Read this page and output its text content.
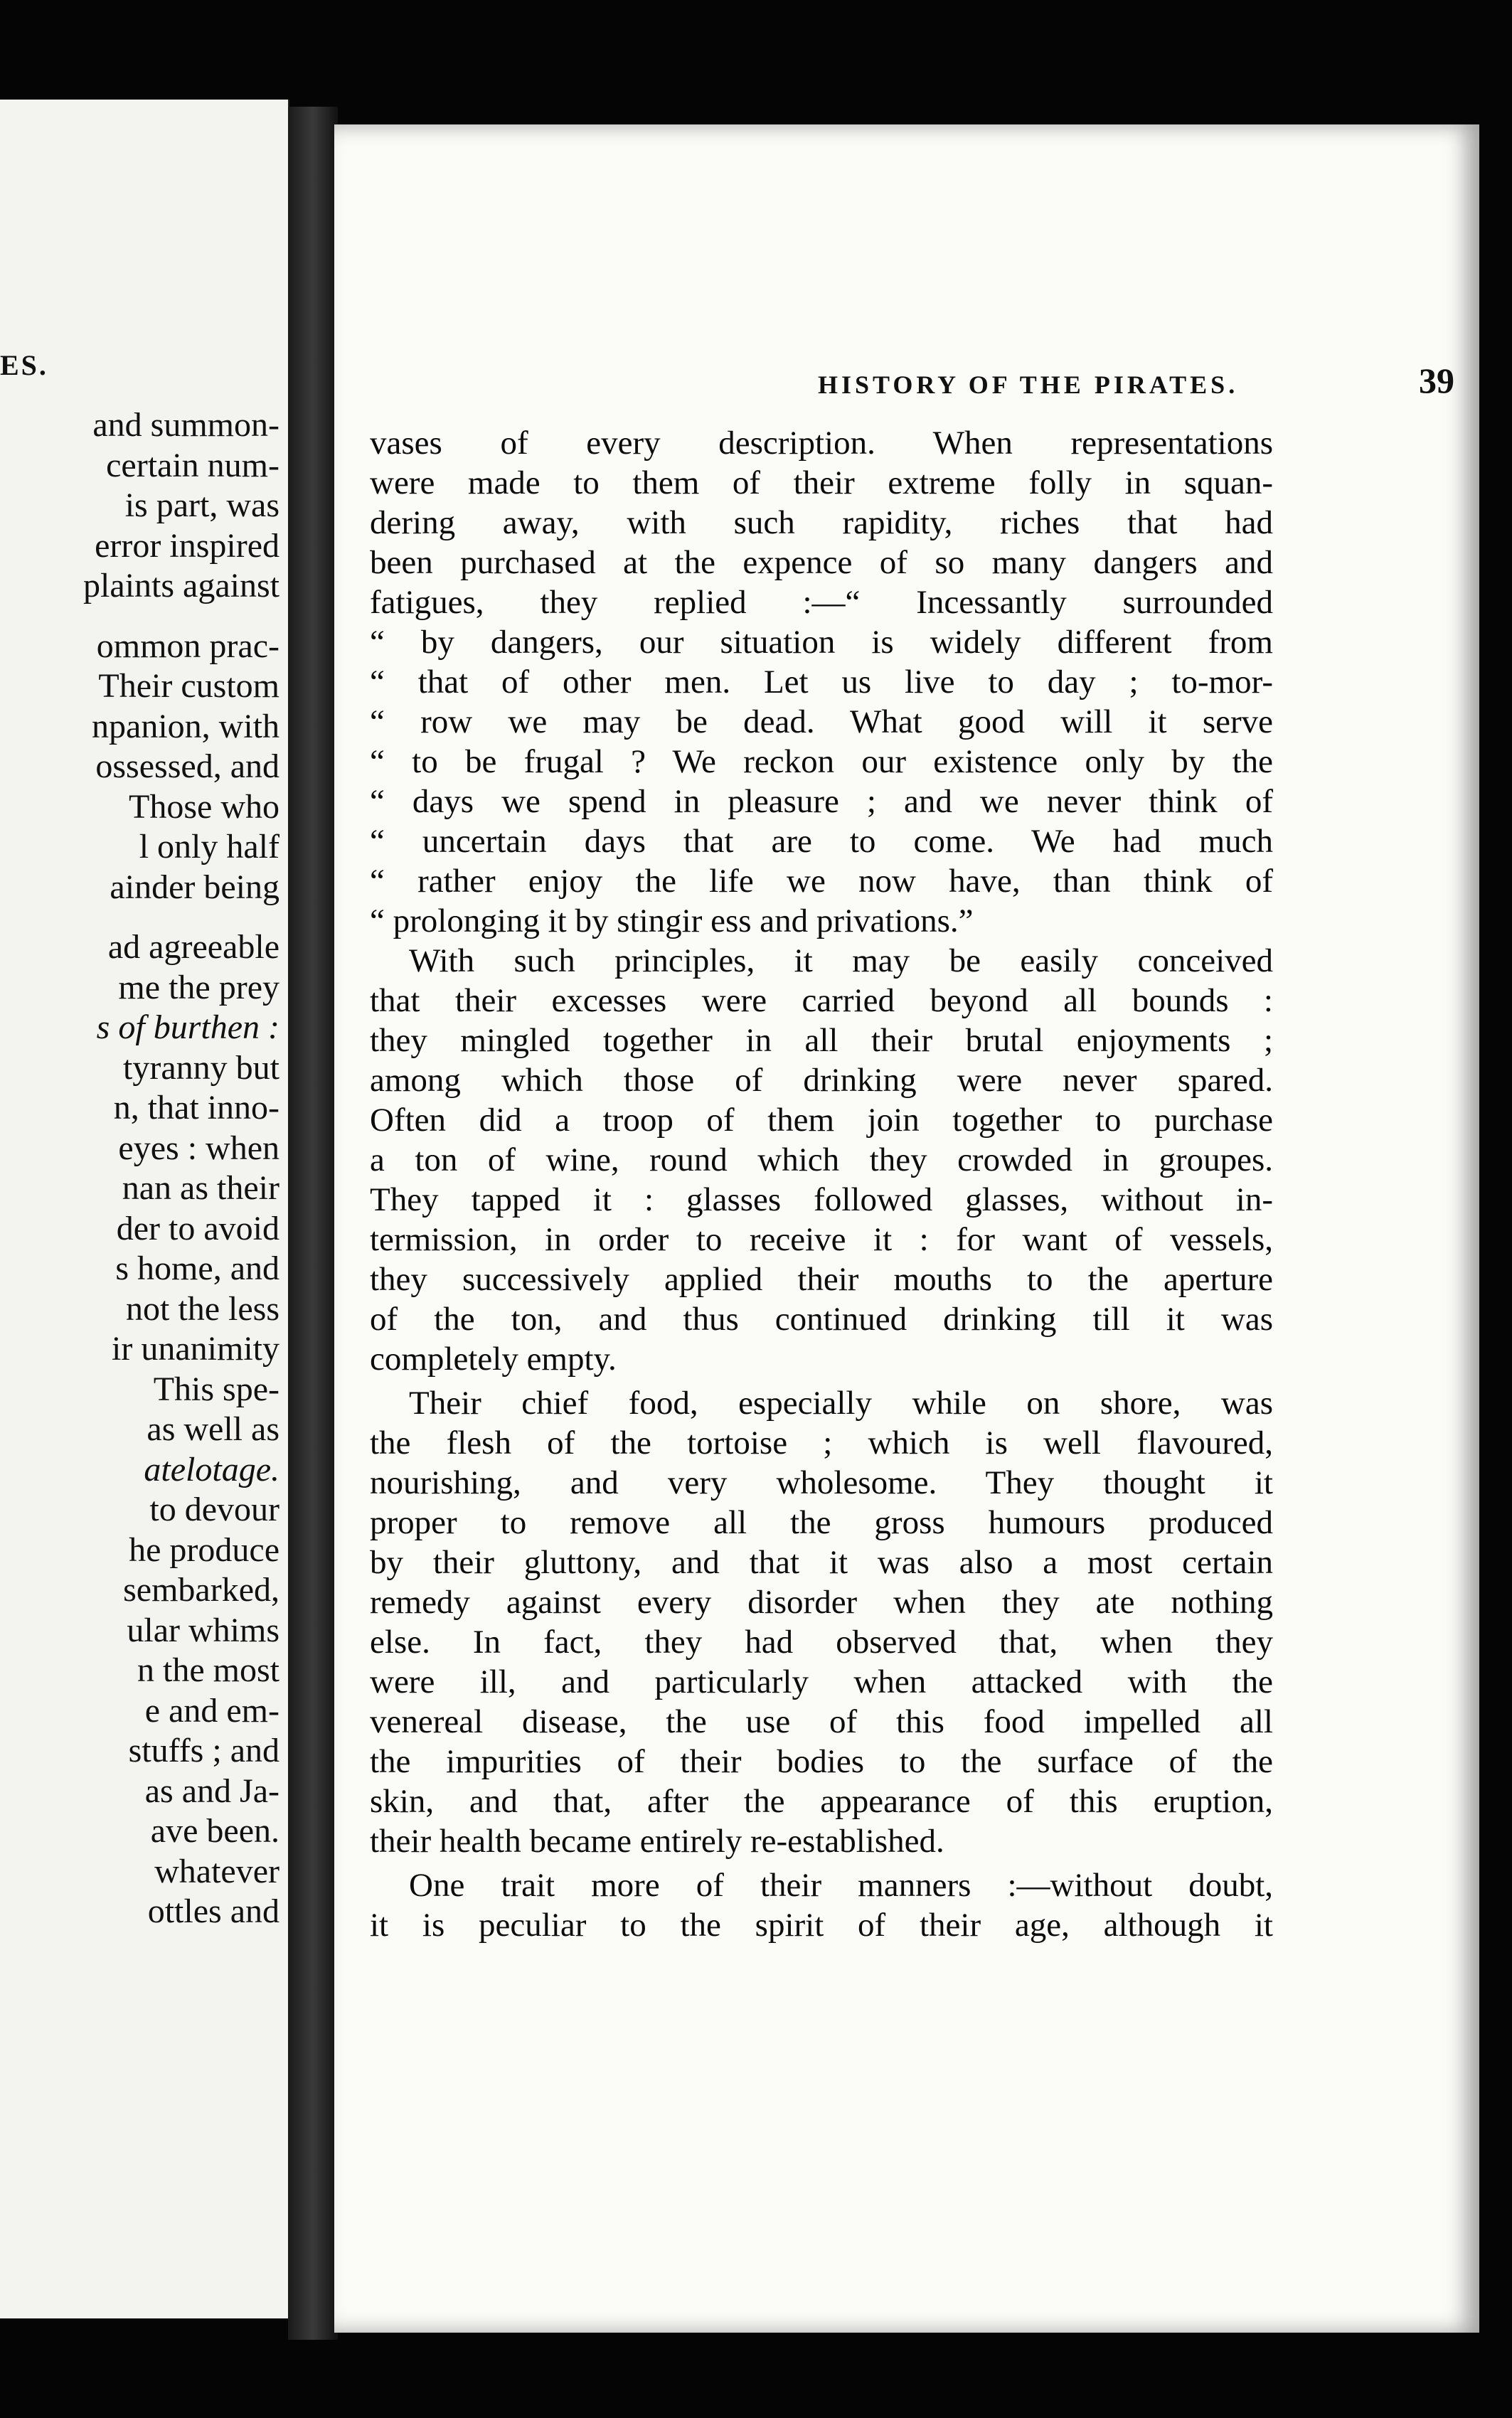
ES.
and summon-
certain num-
is part, was
error inspired
plaints against
ommon prac-
Their custom
npanion, with
ossessed, and
Those who
l only half
ainder being
ad agreeable
me the prey
s of burthen :
tyranny but
n, that inno-
eyes : when
nan as their
der to avoid
s home, and
not the less
ir unanimity
This spe-
as well as
atelotage.
to devour
he produce
sembarked,
ular whims
n the most
e and em-
stuffs ; and
as and Ja-
ave been.
whatever
ottles and
HISTORY OF THE PIRATES.	39
vases of every description. When representations
were made to them of their extreme folly in squan-
dering away, with such rapidity, riches that had
been purchased at the expence of so many dangers and
fatigues, they replied :—“ Incessantly surrounded
“ by dangers, our situation is widely different from
“ that of other men. Let us live to day ; to-mor-
“ row we may be dead. What good will it serve
“ to be frugal ? We reckon our existence only by the
“ days we spend in pleasure ; and we never think of
“ uncertain days that are to come. We had much
“ rather enjoy the life we now have, than think of
“ prolonging it by stingir ess and privations.”
With such principles, it may be easily conceived
that their excesses were carried beyond all bounds :
they mingled together in all their brutal enjoyments ;
among which those of drinking were never spared.
Often did a troop of them join together to purchase
a ton of wine, round which they crowded in groupes.
They tapped it : glasses followed glasses, without in-
termission, in order to receive it : for want of vessels,
they successively applied their mouths to the aperture
of the ton, and thus continued drinking till it was
completely empty.
Their chief food, especially while on shore, was
the flesh of the tortoise ; which is well flavoured,
nourishing, and very wholesome. They thought it
proper to remove all the gross humours produced
by their gluttony, and that it was also a most certain
remedy against every disorder when they ate nothing
else. In fact, they had observed that, when they
were ill, and particularly when attacked with the
venereal disease, the use of this food impelled all
the impurities of their bodies to the surface of the
skin, and that, after the appearance of this eruption,
their health became entirely re-established.
One trait more of their manners :—without doubt,
it is peculiar to the spirit of their age, although it
